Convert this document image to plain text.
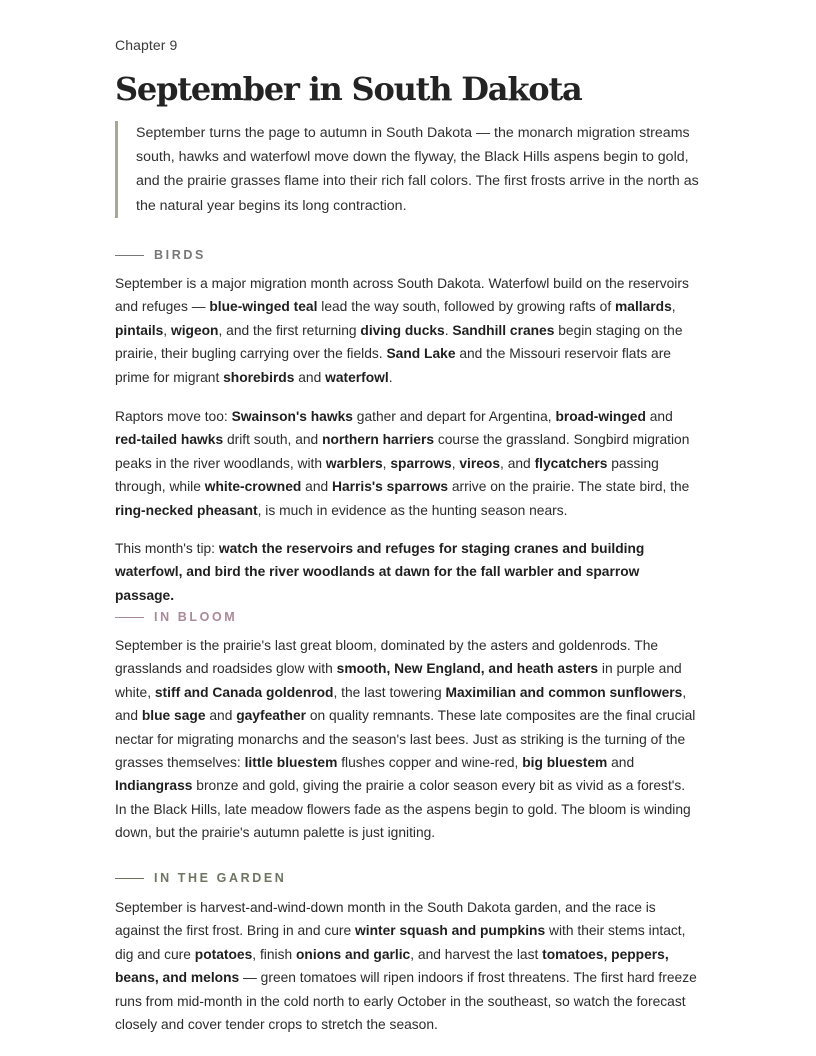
Chapter 9
September in South Dakota

September turns the page to autumn in South Dakota — the monarch migration streams south, hawks and waterfowl move down the flyway, the Black Hills aspens begin to gold, and the prairie grasses flame into their rich fall colors. The first frosts arrive in the north as the natural year begins its long contraction.

BIRDS

September is a major migration month across South Dakota. Waterfowl build on the reservoirs and refuges — blue-winged teal lead the way south, followed by growing rafts of mallards, pintails, wigeon, and the first returning diving ducks. Sandhill cranes begin staging on the prairie, their bugling carrying over the fields. Sand Lake and the Missouri reservoir flats are prime for migrant shorebirds and waterfowl.

Raptors move too: Swainson's hawks gather and depart for Argentina, broad-winged and red-tailed hawks drift south, and northern harriers course the grassland. Songbird migration peaks in the river woodlands, with warblers, sparrows, vireos, and flycatchers passing through, while white-crowned and Harris's sparrows arrive on the prairie. The state bird, the ring-necked pheasant, is much in evidence as the hunting season nears.

This month's tip: watch the reservoirs and refuges for staging cranes and building waterfowl, and bird the river woodlands at dawn for the fall warbler and sparrow passage.

IN BLOOM

September is the prairie's last great bloom, dominated by the asters and goldenrods. The grasslands and roadsides glow with smooth, New England, and heath asters in purple and white, stiff and Canada goldenrod, the last towering Maximilian and common sunflowers, and blue sage and gayfeather on quality remnants. These late composites are the final crucial nectar for migrating monarchs and the season's last bees. Just as striking is the turning of the grasses themselves: little bluestem flushes copper and wine-red, big bluestem and Indiangrass bronze and gold, giving the prairie a color season every bit as vivid as a forest's. In the Black Hills, late meadow flowers fade as the aspens begin to gold. The bloom is winding down, but the prairie's autumn palette is just igniting.

IN THE GARDEN

September is harvest-and-wind-down month in the South Dakota garden, and the race is against the first frost. Bring in and cure winter squash and pumpkins with their stems intact, dig and cure potatoes, finish onions and garlic, and harvest the last tomatoes, peppers, beans, and melons — green tomatoes will ripen indoors if frost threatens. The first hard freeze runs from mid-month in the cold north to early October in the southeast, so watch the forecast closely and cover tender crops to stretch the season.
